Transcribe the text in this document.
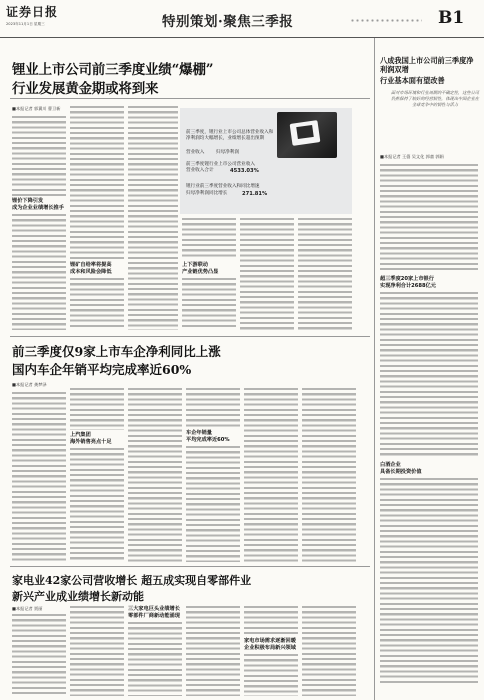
证券日报
2023年11月1日 星期三	特别策划·聚焦三季报	B1
锂业上市公司前三季度业绩“爆棚”
行业发展黄金期或将到来
■本报记者 郭冀川 曹卫新
锂价下降引发
成为企业业绩增长推手
锂矿自给率将提高
成本和风险会降低
前三季度，锂行业上市公司总体营业收入和
净利润均大幅增长，业绩增长超出预期
营业收入	归母净利润
前三季度锂行业上市公司营业收入
营业收入合计	4533.03%
锂行业前三季度营业收入和同比增速
归母净利润同比增长	271.81%
上下游联动
产业链优势凸显
前三季度仅9家上市车企净利同比上涨
国内车企年销平均完成率近60%
■本报记者 龚梦泽
上汽集团
海外销售亮点十足
车企年销量
平均完成率近60%
家电业42家公司营收增长 超五成实现自零部件业
新兴产业成业绩增长新动能
■本报记者 贾丽	三大家电巨头业绩增长
零部件厂商新动能涌现
家电市场需求逐渐回暖
企业积极布局新兴领域
八成我国上市公司前三季度净利润双增
行业基本面有望改善
面对市场环境和行业周期的不确定性，这些公司仍然保持了较好的经营韧性，体现出中国企业在全球竞争中的韧性与活力
■本报记者 王僖 吴文化 郭童 郭娟
超三季度20家上市银行
实现净利合计2688亿元
白酒企业
具备长期投资价值
